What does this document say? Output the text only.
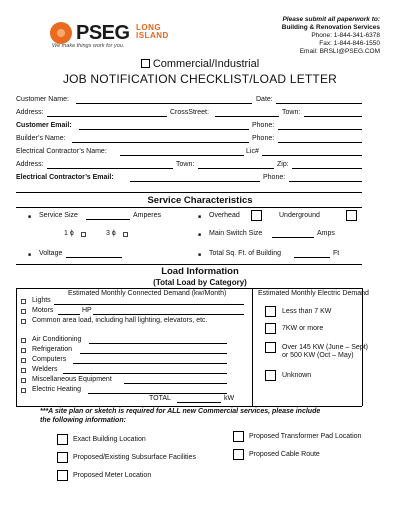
PSEG LONG
ISLAND
We make things work for you.
Please submit all paperwork to:
Building & Renovation Services
Phone: 1-844-341-6378
Fax: 1-844-846-1550
Email: BRSLI@PSEG.COM
Commercial/Industrial
JOB NOTIFICATION CHECKLIST/LOAD LETTER
Customer Name:	Date:
Address:	CrossStreet:	Town:
Customer Email:	Phone:
Builder’s Name:	Phone:
Electrical Contractor’s Name:	Lic#
Address:	Town:	Zip:
Electrical Contractor’s Email:	Phone:
Service Characteristics
■ Service Size	Amperes	■ Overhead	Underground
1 ɸ	3 ɸ	■ Main Switch Size	Amps
■ Voltage	■ Total Sq. Ft. of Building	Ft
Load Information
(Total Load by Category)
Estimated Monthly Connected Demand (kw/Month)	Estimated Monthly Electric Demand
Lights
Motors	HP
Common area load, including hall lighting, elevators, etc.
Air Conditioning
Refrigeration
Computers
Welders
Miscellaneous Equipment
Electric Heating
TOTAL	kW
Less than 7 KW
7KW or more
Over 145 KW (June – Sept)
or 500 KW (Oct – May)
Unknown
***A site plan or sketch is required for ALL new Commercial services, please include
the following information:
Exact Building Location
Proposed/Existing Subsurface Facilities
Proposed Meter Location
Proposed Transformer Pad Location
Proposed Cable Route
